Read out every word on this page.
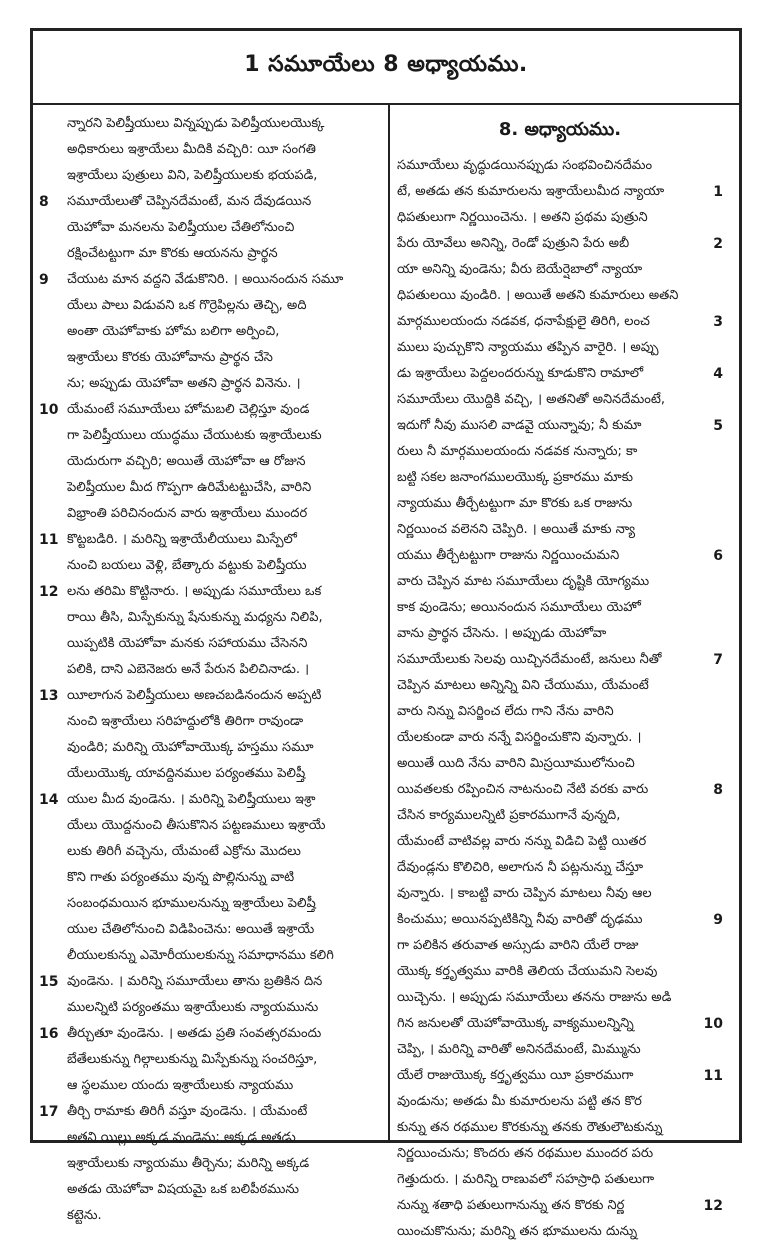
1 సమూయేలు 8 అధ్యాయము.
న్నారని పెలిష్తీయులు విన్నప్పుడు పెలిష్తీయులయొక్క
అధికారులు ఇశ్రాయేలు మీదికి వచ్చిరి: యీ సంగతి
ఇశ్రాయేలు పుత్రులు విని, పెలిష్తీయులకు భయపడి,
8 సమూయేలుతో చెప్పినదేమంటే, మన దేవుడయిన
యెహోవా మనలను పెలిష్తీయుల చేతిలోనుంచి
రక్షించేటట్టుగా మా కొరకు ఆయనను ప్రార్థన
9 చేయుట మాన వద్దని వేడుకొనిరి. । అయినందున సమూ
యేలు పాలు విడువని ఒక గొర్రెపిల్లను తెచ్చి, అది
అంతా యెహోవాకు హోమ బలిగా అర్పించి,
ఇశ్రాయేలు కొరకు యెహోవాను ప్రార్థన చేసె
ను; అప్పుడు యెహోవా అతని ప్రార్థన వినెను. ।
10 యేమంటే సమూయేలు హోమబలి చెల్లిస్తూ వుండ
గా పెలిష్తీయులు యుద్ధము చేయుటకు ఇశ్రాయేలుకు
యెదురుగా వచ్చిరి; అయితే యెహోవా ఆ రోజున
పెలిష్తీయుల మీద గొప్పగా ఉరిమేటట్టుచేసి, వారిని
విభ్రాంతి పరిచినందున వారు ఇశ్రాయేలు ముందర
11 కొట్టబడిరి. । మరిన్ని ఇశ్రాయేలీయులు మిస్పేలో
నుంచి బయలు వెళ్లి, బేత్కారు వట్టుకు పెలిష్తీయు
12 లను తరిమి కొట్టినారు. । అప్పుడు సమూయేలు ఒక
రాయి తీసి, మిస్పేకున్ను షేనుకున్ను మధ్యను నిలిపి,
యిప్పటికి యెహోవా మనకు సహాయము చేసెనని
పలికి, దాని ఎబెనెజరు అనే పేరున పిలిచినాడు. ।
13 యీలాగున పెలిష్తీయులు అణచబడినందున అప్పటి
నుంచి ఇశ్రాయేలు సరిహద్దులోకి తిరిగా రావుండా
వుండిరి; మరిన్ని యెహోవాయొక్క హస్తము సమూ
యేలుయొక్క యావద్దినముల పర్యంతము పెలిష్తీ
14 యుల మీద వుండెను. । మరిన్ని పెలిష్తీయులు ఇశ్రా
యేలు యొద్దనుంచి తీసుకొనిన పట్టణములు ఇశ్రాయే
లుకు తిరిగీ వచ్చెను, యేమంటే ఎక్రోను మొదలు
కొని గాతు పర్యంతము వున్న పొల్లినున్ను వాటి
సంబంధమయిన భూములనున్ను ఇశ్రాయేలు పెలిష్తీ
యుల చేతిలోనుంచి విడిపించెను: అయితే ఇశ్రాయే
లీయులకున్ను ఎమోరీయులకున్ను సమాధానము కలిగి
15 వుండెను. । మరిన్ని సమూయేలు తాను బ్రతికిన దిన
ములన్నిటి పర్యంతము ఇశ్రాయేలుకు న్యాయమును
16 తీర్చుతూ వుండెను. । అతడు ప్రతి సంవత్సరమందు
బేతేలుకున్ను గిల్గాలుకున్ను మిస్పేకున్ను సంచరిస్తూ,
ఆ స్థలముల యందు ఇశ్రాయేలుకు న్యాయము
17 తీర్చి రామాకు తిరిగీ వస్తూ వుండెను. । యేమంటే
అతని యిల్లు అక్కడ వుండెను; అక్కడ అతడు
ఇశ్రాయేలుకు న్యాయము తీర్చెను; మరిన్ని అక్కడ
అతడు యెహోవా విషయమై ఒక బలిపీఠమును
కట్టెను.
8. అధ్యాయము.
సమూయేలు వృద్ధుడయినప్పుడు సంభవించినదేమం
1
టే, అతడు తన కుమారులను ఇశ్రాయేలుమీద న్యాయా
ధిపతులుగా నిర్ణయించెను. । అతని ప్రథమ పుత్రుని
2
పేరు యోవేలు అనిన్ని, రెండో పుత్రుని పేరు అబీ
యా అనిన్ని వుండెను; వీరు బెయేర్షెబాలో న్యాయా
ధిపతులయి వుండిరి. । అయితే అతని కుమారులు అతని
3
మార్గములయందు నడవక, ధనాపేక్షులై తిరిగి, లంచ
ములు పుచ్చుకొని న్యాయము తప్పిన వారైరి. । అప్పు
4
డు ఇశ్రాయేలు పెద్దలందరున్ను కూడుకొని రామాలో
సమూయేలు యొద్దికి వచ్చి, । అతనితో అనినదేమంటే,
5
ఇదుగో నీవు ముసలి వాడవై యున్నావు; నీ కుమా
రులు నీ మార్గములయందు నడవక నున్నారు; కా
బట్టి సకల జనాంగములయొక్క ప్రకారము మాకు
న్యాయము తీర్చేటట్టుగా మా కొరకు ఒక రాజును
నిర్ణయించ వలెనని చెప్పిరి. । అయితే మాకు న్యా
6
యము తీర్చేటట్టుగా రాజును నిర్ణయించుమని
వారు చెప్పిన మాట సమూయేలు దృష్టికి యోగ్యము
కాక వుండెను; అయినందున సమూయేలు యెహో
వాను ప్రార్థన చేసెను. । అప్పుడు యెహోవా
7
సమూయేలుకు సెలవు యిచ్చినదేమంటే, జనులు నీతో
చెప్పిన మాటలు అన్నిన్ని విని చేయుము, యేమంటే
వారు నిన్ను విసర్జించ లేదు గాని నేను వారిని
యేలకుండా వారు నన్నే విసర్జించుకొని వున్నారు. ।
అయితే యిది నేను వారిని మిస్రయీములోనుంచి
8
యివతలకు రప్పించిన నాటనుంచి నేటి వరకు వారు
చేసిన కార్యములన్నిటి ప్రకారముగానే వున్నది,
యేమంటే వాటివల్ల వారు నన్ను విడిచి పెట్టి యితర
దేవుండ్లను కొలిచిరి, అలాగున నీ పట్లనున్ను చేస్తూ
వున్నారు. । కాబట్టి వారు చెప్పిన మాటలు నీవు ఆల
9
కించుము; అయినప్పటికిన్ని నీవు వారితో దృఢము
గా పలికిన తరువాత అస్సుడు వారిని యేలే రాజు
యొక్క కర్తృత్వము వారికి తెలియ చేయుమని సెలవు
యిచ్చెను. । అప్పుడు సమూయేలు తనను రాజును అడి
10
గిన జనులతో యెహోవాయొక్క వాక్యములన్నిన్ని
చెప్పి, । మరిన్ని వారితో అనినదేమంటే, మిమ్మును
11
యేలే రాజుయొక్క కర్తృత్వము యీ ప్రకారముగా
వుండును; అతడు మీ కుమారులను పట్టి తన కొర
కున్ను తన రథముల కొరకున్ను తనకు రౌతులౌటకున్ను
నిర్ణయించును; కొందరు తన రథముల ముందర పరు
గెత్తుదురు. । మరిన్ని రాణువలో సహస్రాధి పతులుగా
12
నున్ను శతాధి పతులుగానున్ను తన కొరకు నిర్ణ
యించుకొనును; మరిన్ని తన భూములను దున్ను
